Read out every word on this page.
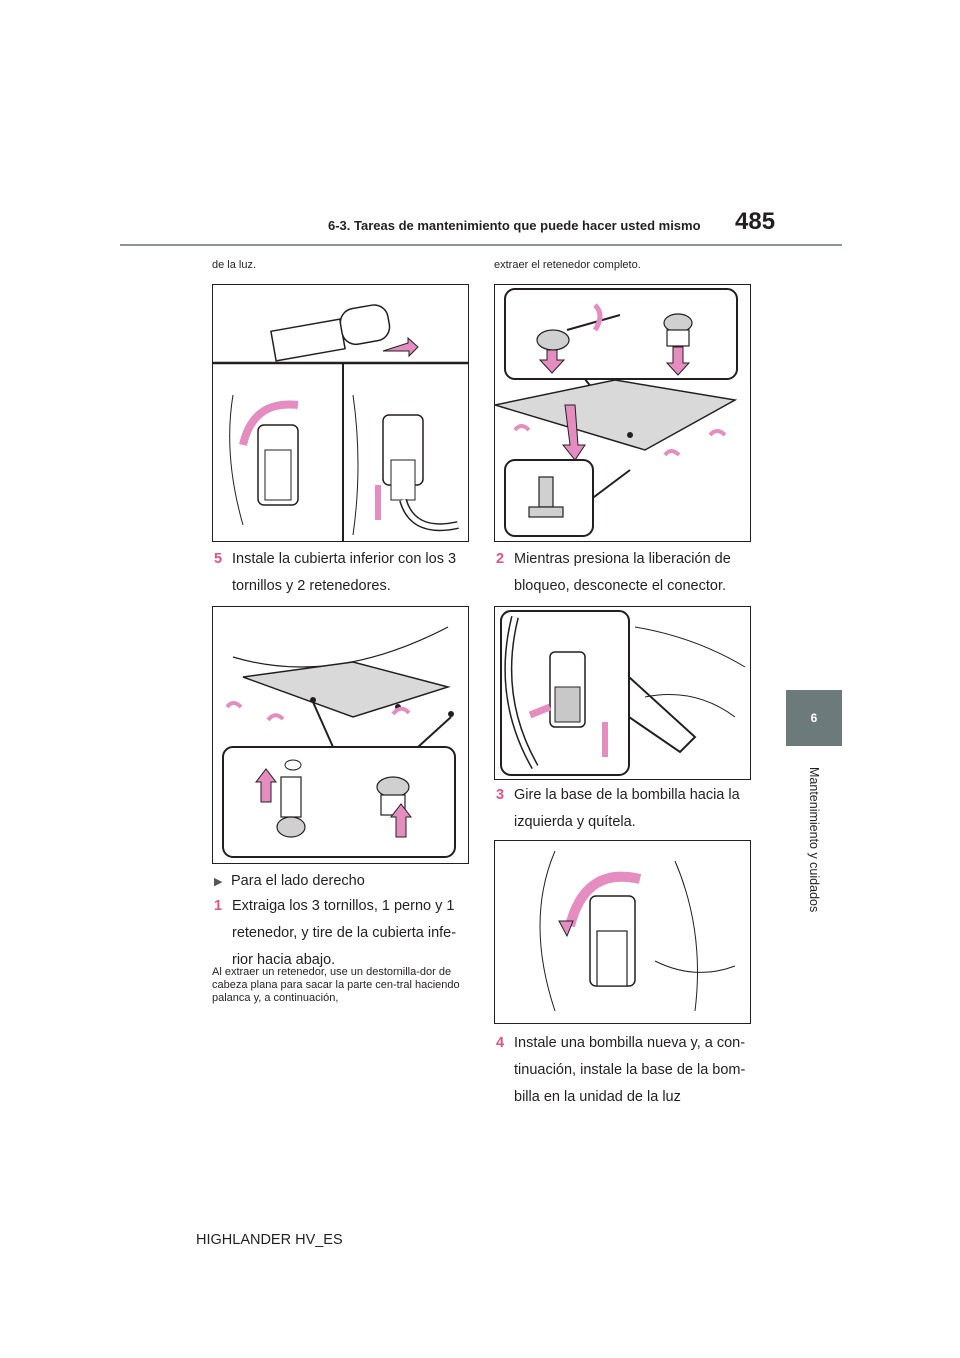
6-3. Tareas de mantenimiento que puede hacer usted mismo 485
6
Mantenimiento y cuidados
de la luz.
5 Instale la cubierta inferior con los 3 tornillos y 2 retenedores.
▶ Para el lado derecho
1 Extraiga los 3 tornillos, 1 perno y 1 retenedor, y tire de la cubierta infe-rior hacia abajo.
Al extraer un retenedor, use un destornilla-dor de cabeza plana para sacar la parte cen-tral haciendo palanca y, a continuación,
extraer el retenedor completo.
2 Mientras presiona la liberación de bloqueo, desconecte el conector.
3 Gire la base de la bombilla hacia la izquierda y quítela.
4 Instale una bombilla nueva y, a con-tinuación, instale la base de la bom-billa en la unidad de la luz
HIGHLANDER HV_ES
